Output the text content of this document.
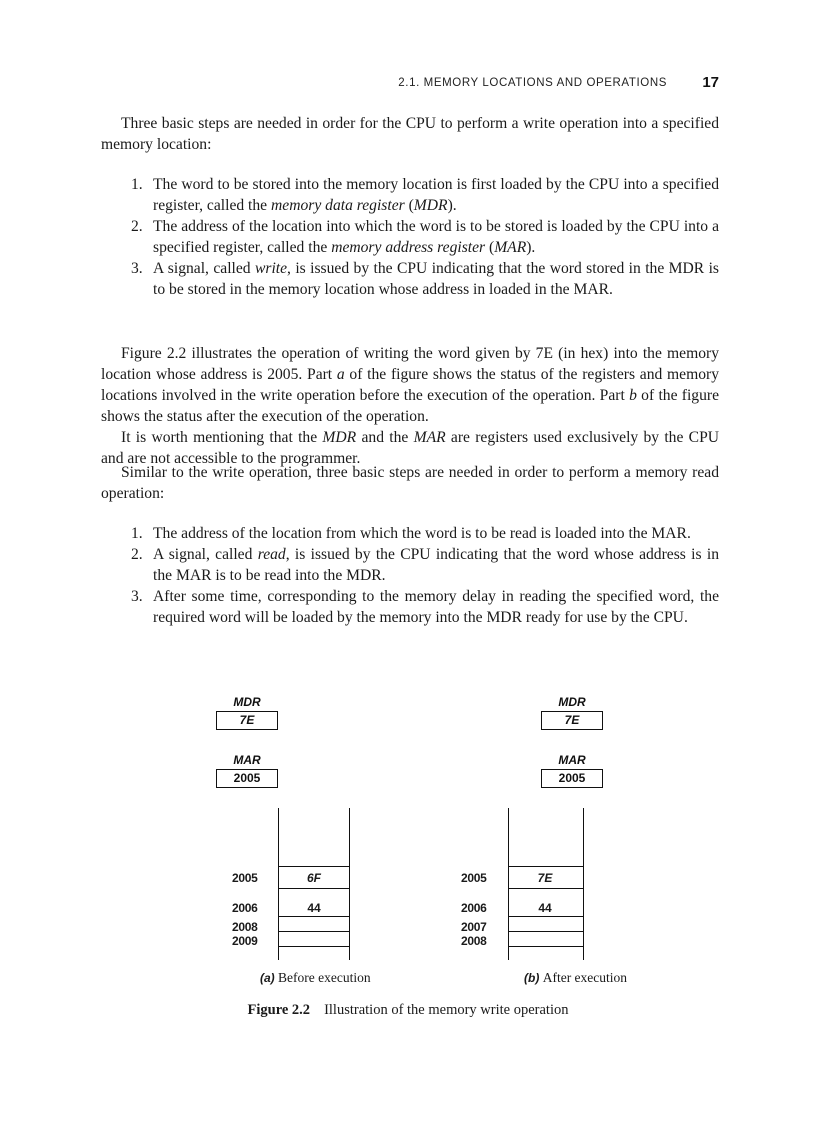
2.1. MEMORY LOCATIONS AND OPERATIONS 17

Three basic steps are needed in order for the CPU to perform a write operation into a specified memory location:

1. The word to be stored into the memory location is first loaded by the CPU into a specified register, called the memory data register (MDR).
2. The address of the location into which the word is to be stored is loaded by the CPU into a specified register, called the memory address register (MAR).
3. A signal, called write, is issued by the CPU indicating that the word stored in the MDR is to be stored in the memory location whose address in loaded in the MAR.

Figure 2.2 illustrates the operation of writing the word given by 7E (in hex) into the memory location whose address is 2005. Part a of the figure shows the status of the registers and memory locations involved in the write operation before the execution of the operation. Part b of the figure shows the status after the execution of the operation.

It is worth mentioning that the MDR and the MAR are registers used exclusively by the CPU and are not accessible to the programmer.

Similar to the write operation, three basic steps are needed in order to perform a memory read operation:

1. The address of the location from which the word is to be read is loaded into the MAR.
2. A signal, called read, is issued by the CPU indicating that the word whose address is in the MAR is to be read into the MDR.
3. After some time, corresponding to the memory delay in reading the specified word, the required word will be loaded by the memory into the MDR ready for use by the CPU.
MDR
7E
MAR
2005
2005
2006
2008
2009
6F
44
(a) Before execution
MDR
7E
MAR
2005
2005
2006
2007
2008
7E
44
(b) After execution
Figure 2.2 Illustration of the memory write operation
